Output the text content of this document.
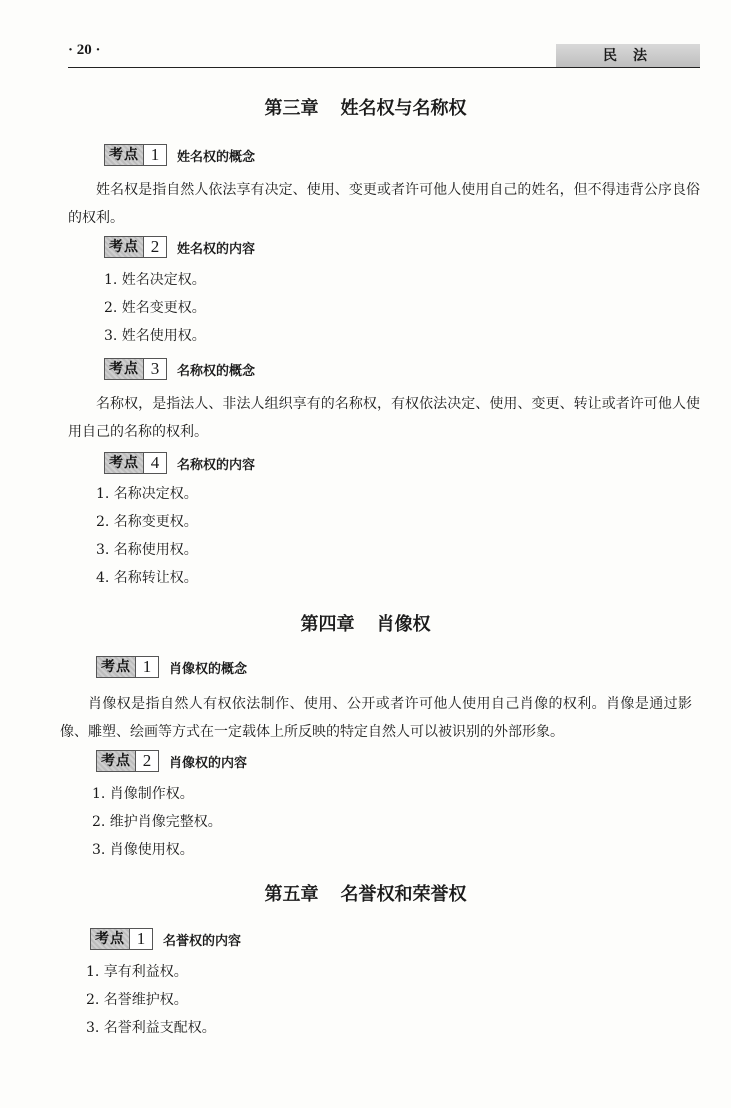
· 20 ·	民法
第三章 姓名权与名称权
考点 1	姓名权的概念
姓名权是指自然人依法享有决定、使用、变更或者许可他人使用自己的姓名，但不得违背公序良俗的权利。
考点 2	姓名权的内容
1. 姓名决定权。
2. 姓名变更权。
3. 姓名使用权。
考点 3	名称权的概念
名称权，是指法人、非法人组织享有的名称权，有权依法决定、使用、变更、转让或者许可他人使用自己的名称的权利。
考点 4	名称权的内容
1. 名称决定权。
2. 名称变更权。
3. 名称使用权。
4. 名称转让权。
第四章 肖像权
考点 1	肖像权的概念
肖像权是指自然人有权依法制作、使用、公开或者许可他人使用自己肖像的权利。肖像是通过影像、雕塑、绘画等方式在一定载体上所反映的特定自然人可以被识别的外部形象。
考点 2	肖像权的内容
1. 肖像制作权。
2. 维护肖像完整权。
3. 肖像使用权。
第五章 名誉权和荣誉权
考点 1	名誉权的内容
1. 享有利益权。
2. 名誉维护权。
3. 名誉利益支配权。
